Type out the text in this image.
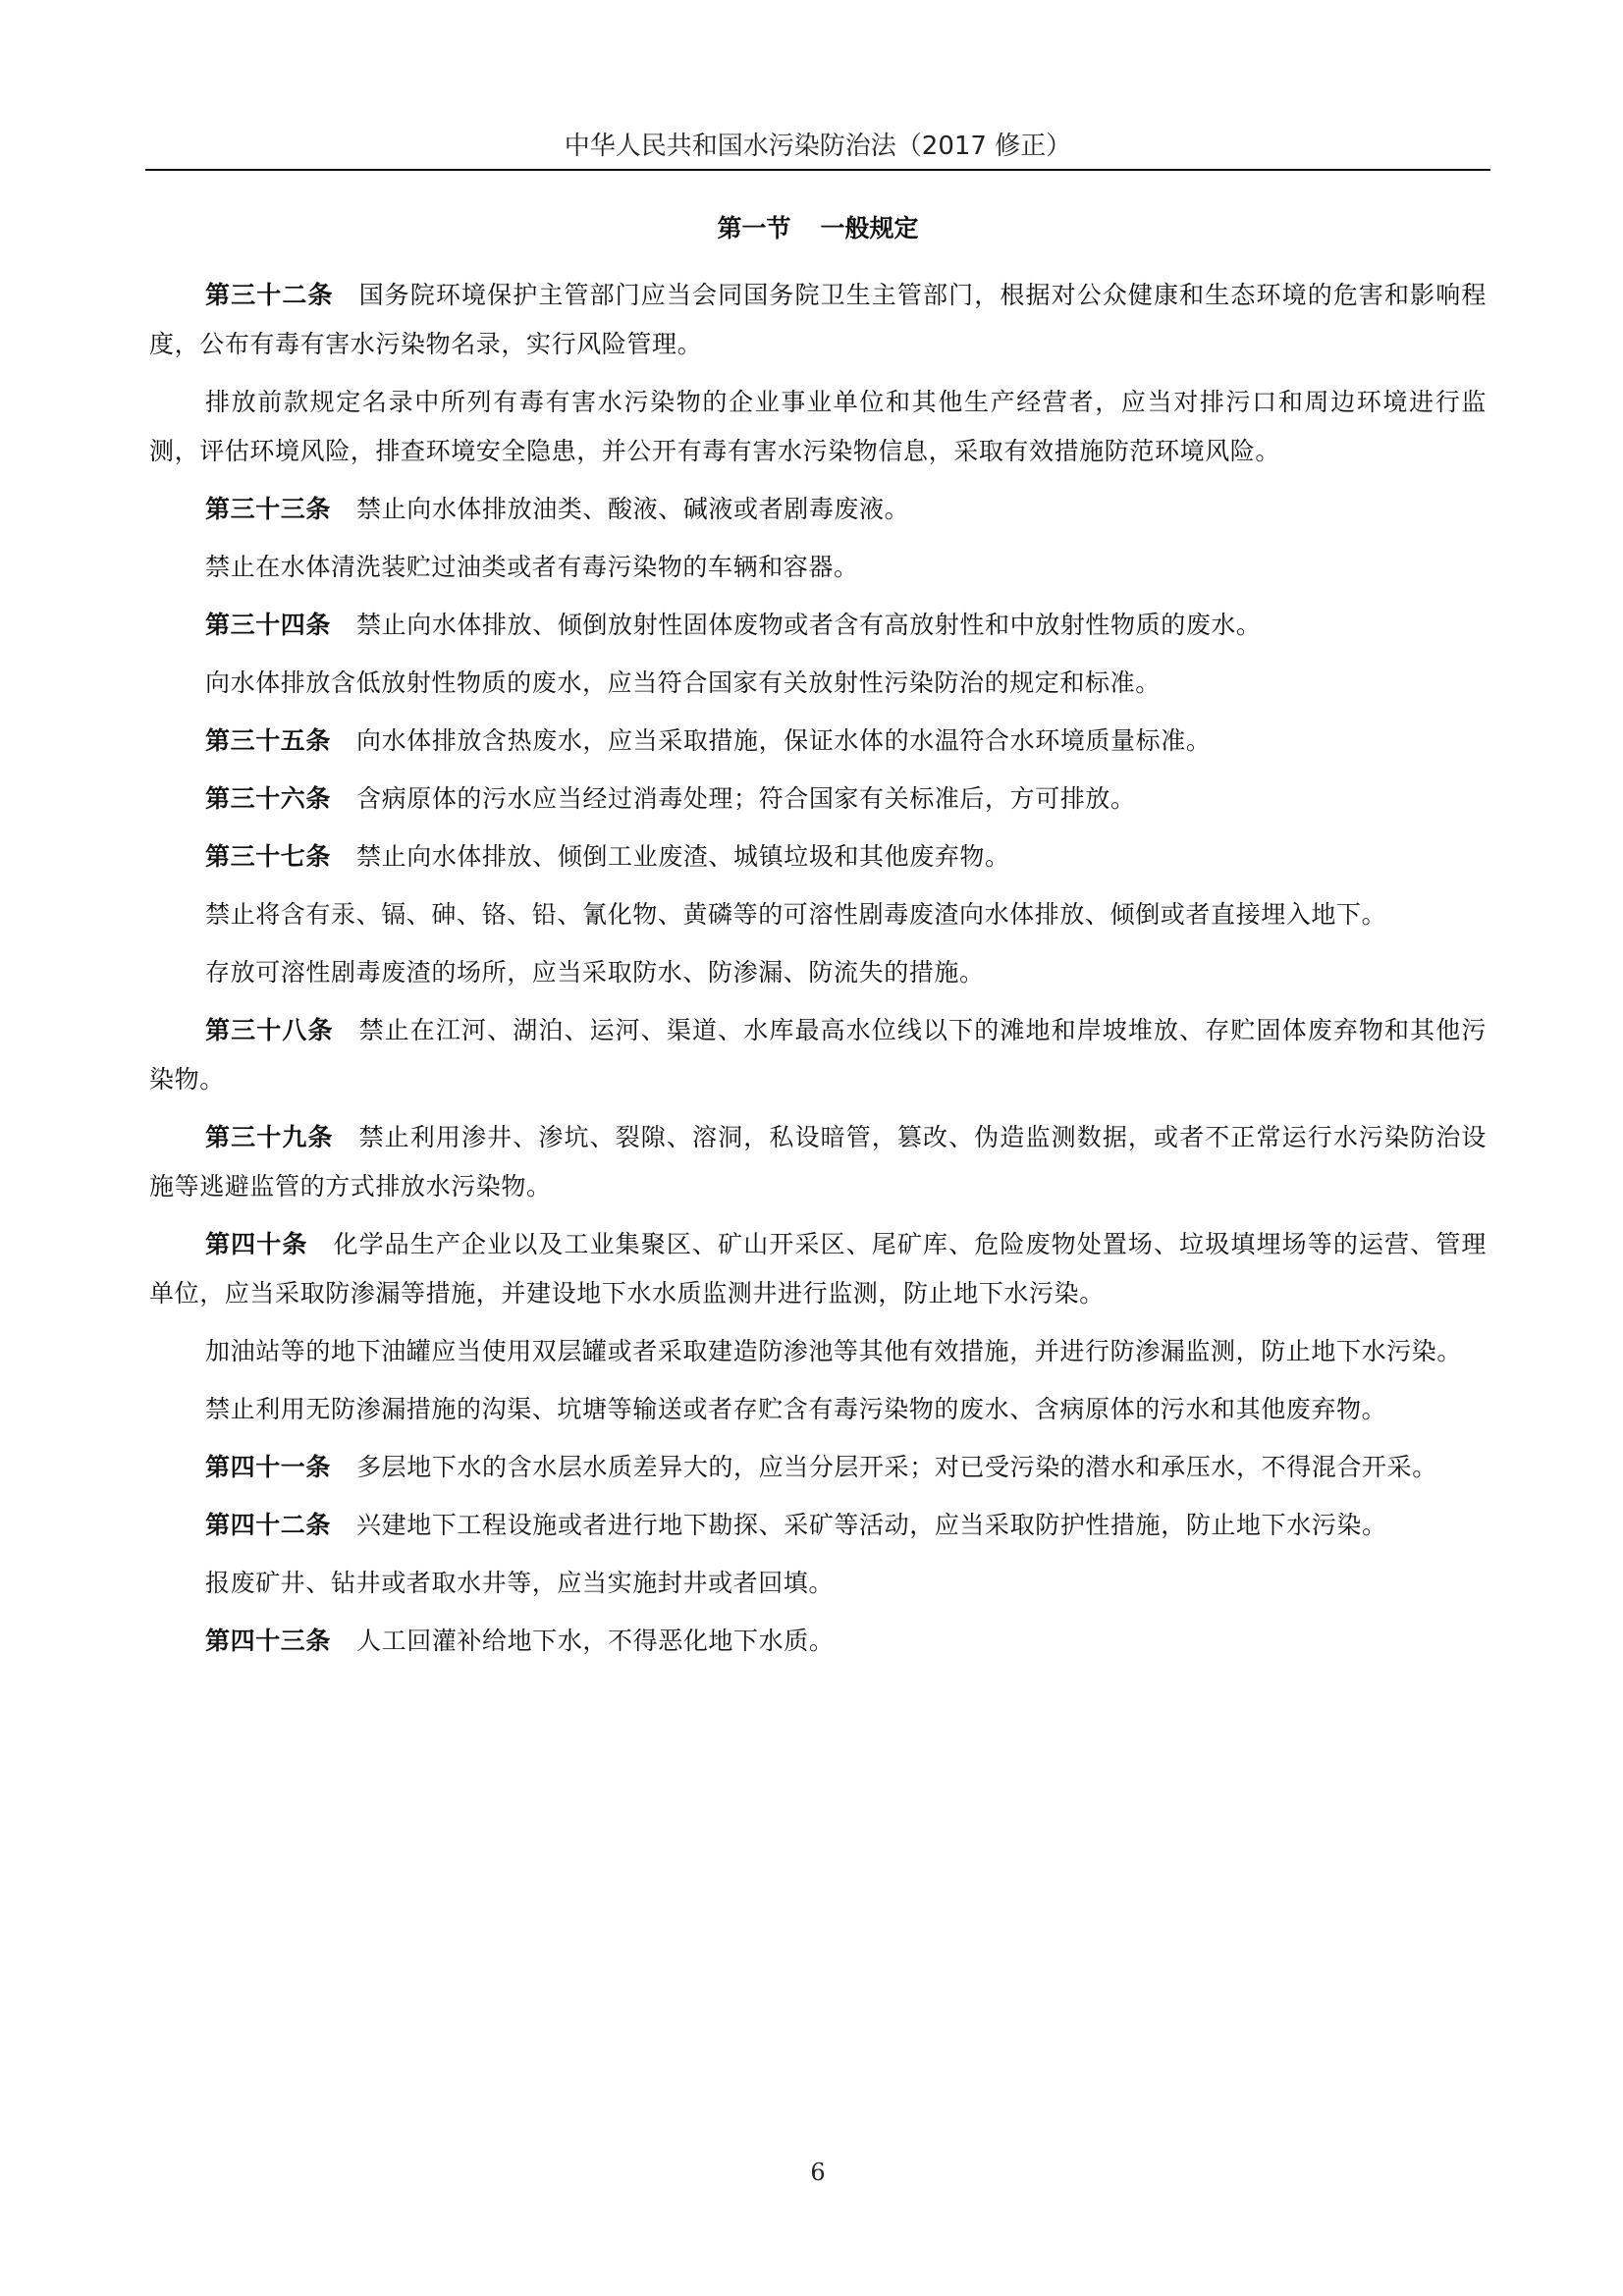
中华人民共和国水污染防治法（2017 修正）
第一节 一般规定

第三十二条 国务院环境保护主管部门应当会同国务院卫生主管部门，根据对公众健康和生态环境的危害和影响程度，公布有毒有害水污染物名录，实行风险管理。

排放前款规定名录中所列有毒有害水污染物的企业事业单位和其他生产经营者，应当对排污口和周边环境进行监测，评估环境风险，排查环境安全隐患，并公开有毒有害水污染物信息，采取有效措施防范环境风险。

第三十三条 禁止向水体排放油类、酸液、碱液或者剧毒废液。

禁止在水体清洗装贮过油类或者有毒污染物的车辆和容器。

第三十四条 禁止向水体排放、倾倒放射性固体废物或者含有高放射性和中放射性物质的废水。

向水体排放含低放射性物质的废水，应当符合国家有关放射性污染防治的规定和标准。

第三十五条 向水体排放含热废水，应当采取措施，保证水体的水温符合水环境质量标准。

第三十六条 含病原体的污水应当经过消毒处理；符合国家有关标准后，方可排放。

第三十七条 禁止向水体排放、倾倒工业废渣、城镇垃圾和其他废弃物。

禁止将含有汞、镉、砷、铬、铅、氰化物、黄磷等的可溶性剧毒废渣向水体排放、倾倒或者直接埋入地下。

存放可溶性剧毒废渣的场所，应当采取防水、防渗漏、防流失的措施。

第三十八条 禁止在江河、湖泊、运河、渠道、水库最高水位线以下的滩地和岸坡堆放、存贮固体废弃物和其他污染物。

第三十九条 禁止利用渗井、渗坑、裂隙、溶洞，私设暗管，篡改、伪造监测数据，或者不正常运行水污染防治设施等逃避监管的方式排放水污染物。

第四十条 化学品生产企业以及工业集聚区、矿山开采区、尾矿库、危险废物处置场、垃圾填埋场等的运营、管理单位，应当采取防渗漏等措施，并建设地下水水质监测井进行监测，防止地下水污染。

加油站等的地下油罐应当使用双层罐或者采取建造防渗池等其他有效措施，并进行防渗漏监测，防止地下水污染。

禁止利用无防渗漏措施的沟渠、坑塘等输送或者存贮含有毒污染物的废水、含病原体的污水和其他废弃物。

第四十一条 多层地下水的含水层水质差异大的，应当分层开采；对已受污染的潜水和承压水，不得混合开采。

第四十二条 兴建地下工程设施或者进行地下勘探、采矿等活动，应当采取防护性措施，防止地下水污染。

报废矿井、钻井或者取水井等，应当实施封井或者回填。

第四十三条 人工回灌补给地下水，不得恶化地下水质。

6
